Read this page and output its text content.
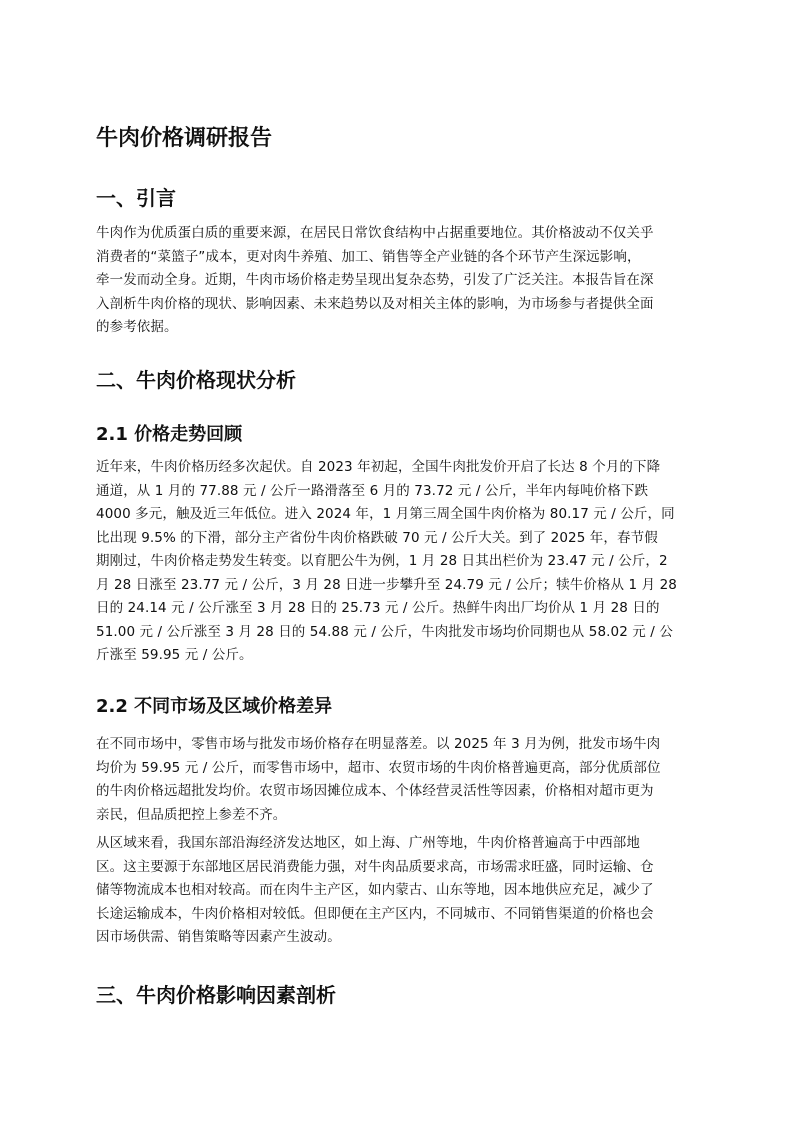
牛肉价格调研报告
一、引言
牛肉作为优质蛋白质的重要来源，在居民日常饮食结构中占据重要地位。其价格波动不仅关乎
消费者的“菜篮子”成本，更对肉牛养殖、加工、销售等全产业链的各个环节产生深远影响，
牵一发而动全身。近期，牛肉市场价格走势呈现出复杂态势，引发了广泛关注。本报告旨在深
入剖析牛肉价格的现状、影响因素、未来趋势以及对相关主体的影响，为市场参与者提供全面
的参考依据。
二、牛肉价格现状分析
2.1 价格走势回顾
近年来，牛肉价格历经多次起伏。自 2023 年初起，全国牛肉批发价开启了长达 8 个月的下降
通道，从 1 月的 77.88 元 / 公斤一路滑落至 6 月的 73.72 元 / 公斤，半年内每吨价格下跌
4000 多元，触及近三年低位。进入 2024 年，1 月第三周全国牛肉价格为 80.17 元 / 公斤，同
比出现 9.5% 的下滑，部分主产省份牛肉价格跌破 70 元 / 公斤大关。到了 2025 年，春节假
期刚过，牛肉价格走势发生转变。以育肥公牛为例，1 月 28 日其出栏价为 23.47 元 / 公斤，2
月 28 日涨至 23.77 元 / 公斤，3 月 28 日进一步攀升至 24.79 元 / 公斤；犊牛价格从 1 月 28
日的 24.14 元 / 公斤涨至 3 月 28 日的 25.73 元 / 公斤。热鲜牛肉出厂均价从 1 月 28 日的
51.00 元 / 公斤涨至 3 月 28 日的 54.88 元 / 公斤，牛肉批发市场均价同期也从 58.02 元 / 公
斤涨至 59.95 元 / 公斤。
2.2 不同市场及区域价格差异
在不同市场中，零售市场与批发市场价格存在明显落差。以 2025 年 3 月为例，批发市场牛肉
均价为 59.95 元 / 公斤，而零售市场中，超市、农贸市场的牛肉价格普遍更高，部分优质部位
的牛肉价格远超批发均价。农贸市场因摊位成本、个体经营灵活性等因素，价格相对超市更为
亲民，但品质把控上参差不齐。
从区域来看，我国东部沿海经济发达地区，如上海、广州等地，牛肉价格普遍高于中西部地
区。这主要源于东部地区居民消费能力强，对牛肉品质要求高，市场需求旺盛，同时运输、仓
储等物流成本也相对较高。而在肉牛主产区，如内蒙古、山东等地，因本地供应充足，减少了
长途运输成本，牛肉价格相对较低。但即便在主产区内，不同城市、不同销售渠道的价格也会
因市场供需、销售策略等因素产生波动。
三、牛肉价格影响因素剖析
